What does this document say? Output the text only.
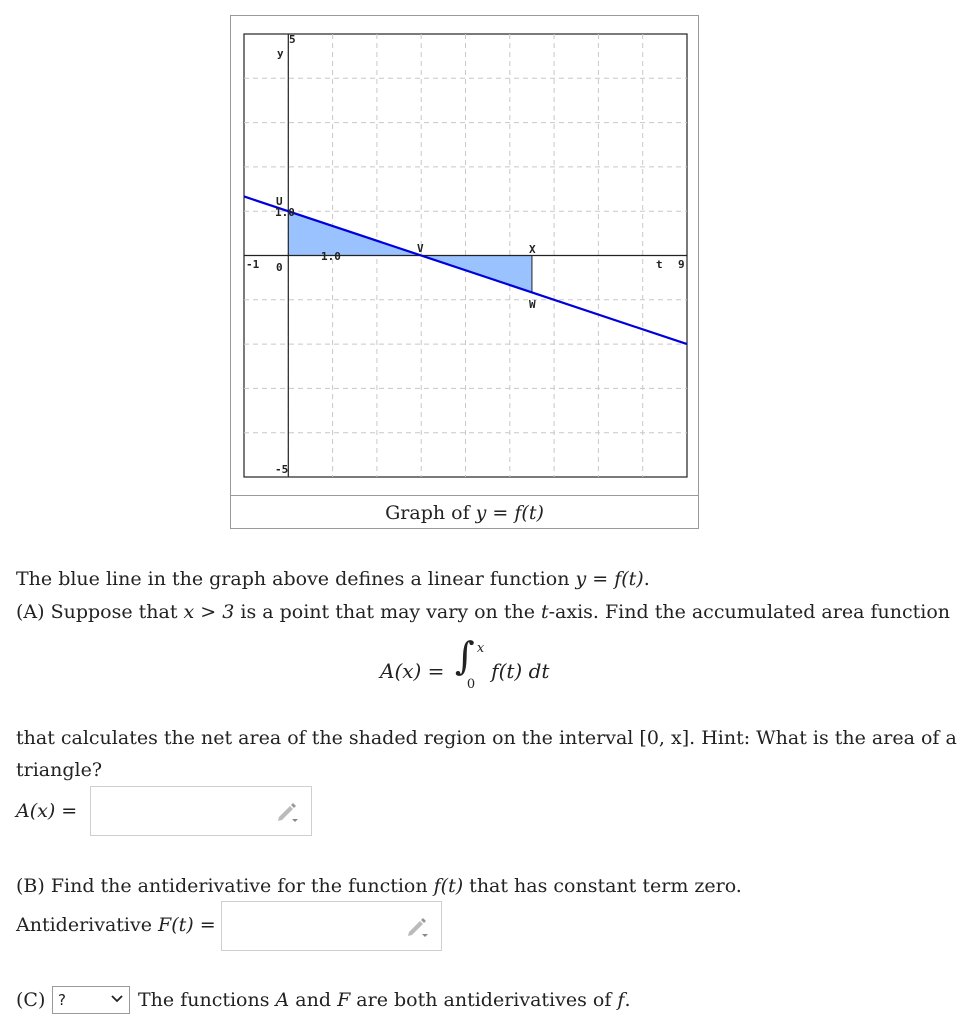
y
5
-5
-1 0	9
t
U
1.0
1.0
V	X
W
Graph of y = f(t)
The blue line in the graph above defines a linear function y = f(t).
(A) Suppose that x > 3 is a point that may vary on the t-axis. Find the accumulated area function
A(x) = ∫ x
0
f(t) dt
that calculates the net area of the shaded region on the interval [0, x]. Hint: What is the area of a
triangle?
A(x) =
(B) Find the antiderivative for the function f(t) that has constant term zero.
Antiderivative F(t) =
(C) ?	The functions A and F are both antiderivatives of f.
